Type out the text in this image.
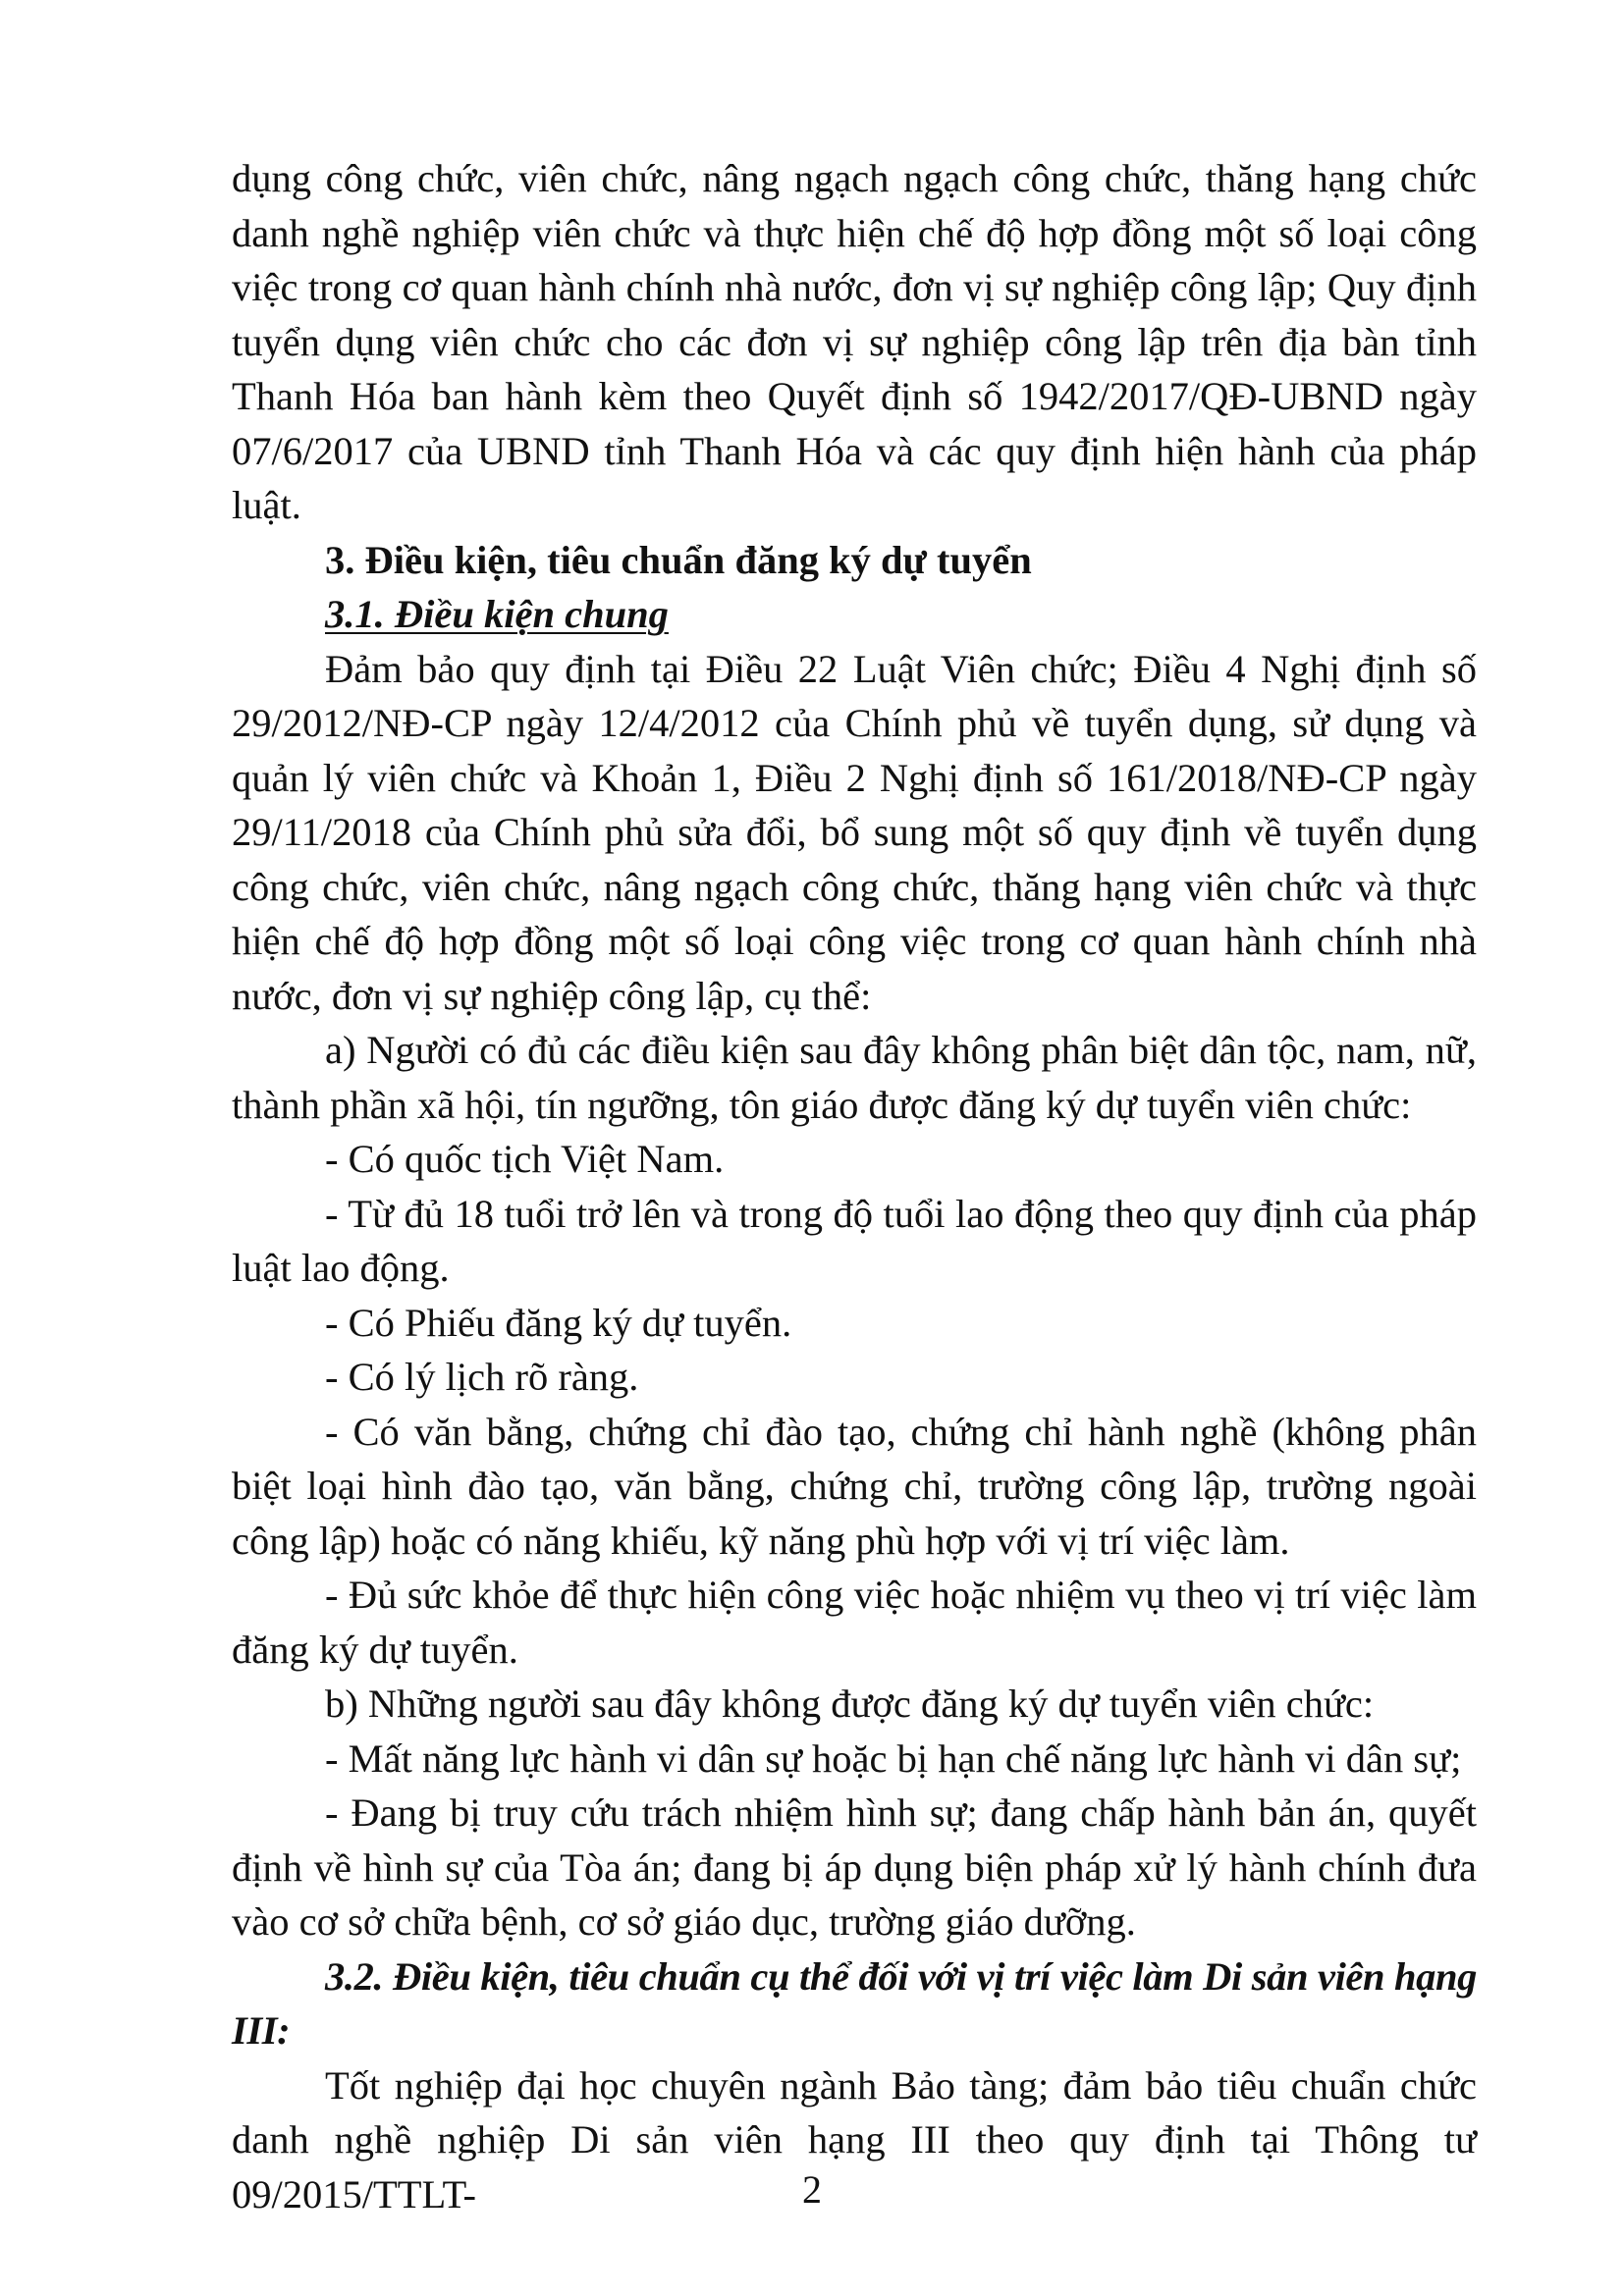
dụng công chức, viên chức, nâng ngạch ngạch công chức, thăng hạng chức danh nghề nghiệp viên chức và thực hiện chế độ hợp đồng một số loại công việc trong cơ quan hành chính nhà nước, đơn vị sự nghiệp công lập; Quy định tuyển dụng viên chức cho các đơn vị sự nghiệp công lập trên địa bàn tỉnh Thanh Hóa ban hành kèm theo Quyết định số 1942/2017/QĐ-UBND ngày 07/6/2017 của UBND tỉnh Thanh Hóa và các quy định hiện hành của pháp luật.

3. Điều kiện, tiêu chuẩn đăng ký dự tuyển

3.1. Điều kiện chung

Đảm bảo quy định tại Điều 22 Luật Viên chức; Điều 4 Nghị định số 29/2012/NĐ-CP ngày 12/4/2012 của Chính phủ về tuyển dụng, sử dụng và quản lý viên chức và Khoản 1, Điều 2 Nghị định số 161/2018/NĐ-CP ngày 29/11/2018 của Chính phủ sửa đổi, bổ sung một số quy định về tuyển dụng công chức, viên chức, nâng ngạch công chức, thăng hạng viên chức và thực hiện chế độ hợp đồng một số loại công việc trong cơ quan hành chính nhà nước, đơn vị sự nghiệp công lập, cụ thể:

a) Người có đủ các điều kiện sau đây không phân biệt dân tộc, nam, nữ, thành phần xã hội, tín ngưỡng, tôn giáo được đăng ký dự tuyển viên chức:

- Có quốc tịch Việt Nam.

- Từ đủ 18 tuổi trở lên và trong độ tuổi lao động theo quy định của pháp luật lao động.

- Có Phiếu đăng ký dự tuyển.

- Có lý lịch rõ ràng.

- Có văn bằng, chứng chỉ đào tạo, chứng chỉ hành nghề (không phân biệt loại hình đào tạo, văn bằng, chứng chỉ, trường công lập, trường ngoài công lập) hoặc có năng khiếu, kỹ năng phù hợp với vị trí việc làm.

- Đủ sức khỏe để thực hiện công việc hoặc nhiệm vụ theo vị trí việc làm đăng ký dự tuyển.

b) Những người sau đây không được đăng ký dự tuyển viên chức:

- Mất năng lực hành vi dân sự hoặc bị hạn chế năng lực hành vi dân sự;

- Đang bị truy cứu trách nhiệm hình sự; đang chấp hành bản án, quyết định về hình sự của Tòa án; đang bị áp dụng biện pháp xử lý hành chính đưa vào cơ sở chữa bệnh, cơ sở giáo dục, trường giáo dưỡng.

3.2. Điều kiện, tiêu chuẩn cụ thể đối với vị trí việc làm Di sản viên hạng III:

Tốt nghiệp đại học chuyên ngành Bảo tàng; đảm bảo tiêu chuẩn chức danh nghề nghiệp Di sản viên hạng III theo quy định tại Thông tư 09/2015/TTLT-	2
